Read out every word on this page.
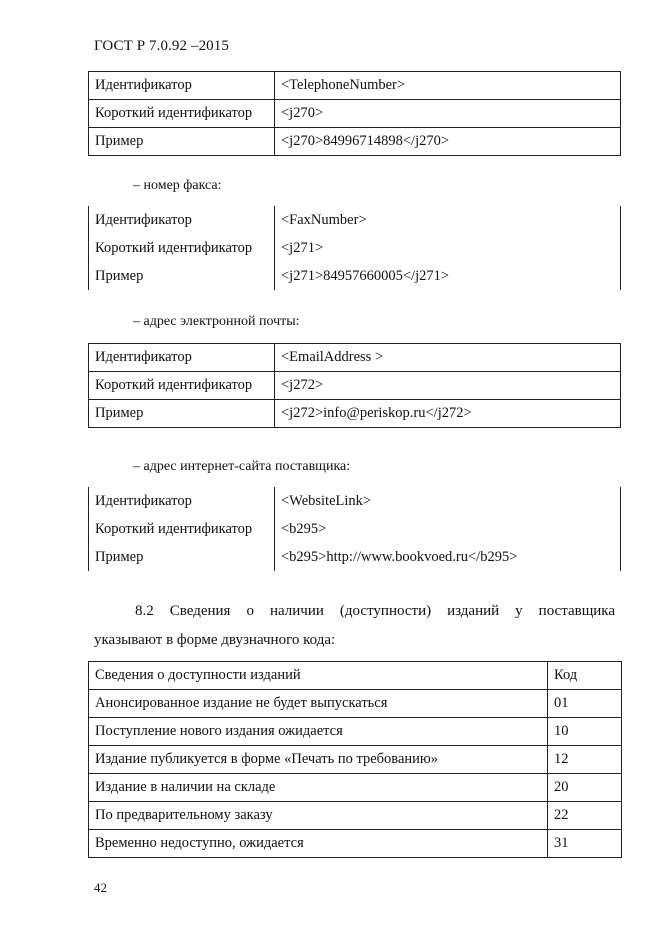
ГОСТ Р 7.0.92 –2015
Идентификатор	<TelephoneNumber>
Короткий идентификатор	<j270>
Пример	<j270>84996714898</j270>
– номер факса:
Идентификатор	<FaxNumber>
Короткий идентификатор	<j271>
Пример	<j271>84957660005</j271>
– адрес электронной почты:
Идентификатор	<EmailAddress >
Короткий идентификатор	<j272>
Пример	<j272>info@periskop.ru</j272>
– адрес интернет-сайта поставщика:
Идентификатор	<WebsiteLink>
Короткий идентификатор	<b295>
Пример	<b295>http://www.bookvoed.ru</b295>
8.2 Сведения о наличии (доступности) изданий у поставщика
указывают в форме двузначного кода:
Сведения о доступности изданий	Код
Анонсированное издание не будет выпускаться	01
Поступление нового издания ожидается	10
Издание публикуется в форме «Печать по требованию»	12
Издание в наличии на складе	20
По предварительному заказу	22
Временно недоступно, ожидается	31
42
